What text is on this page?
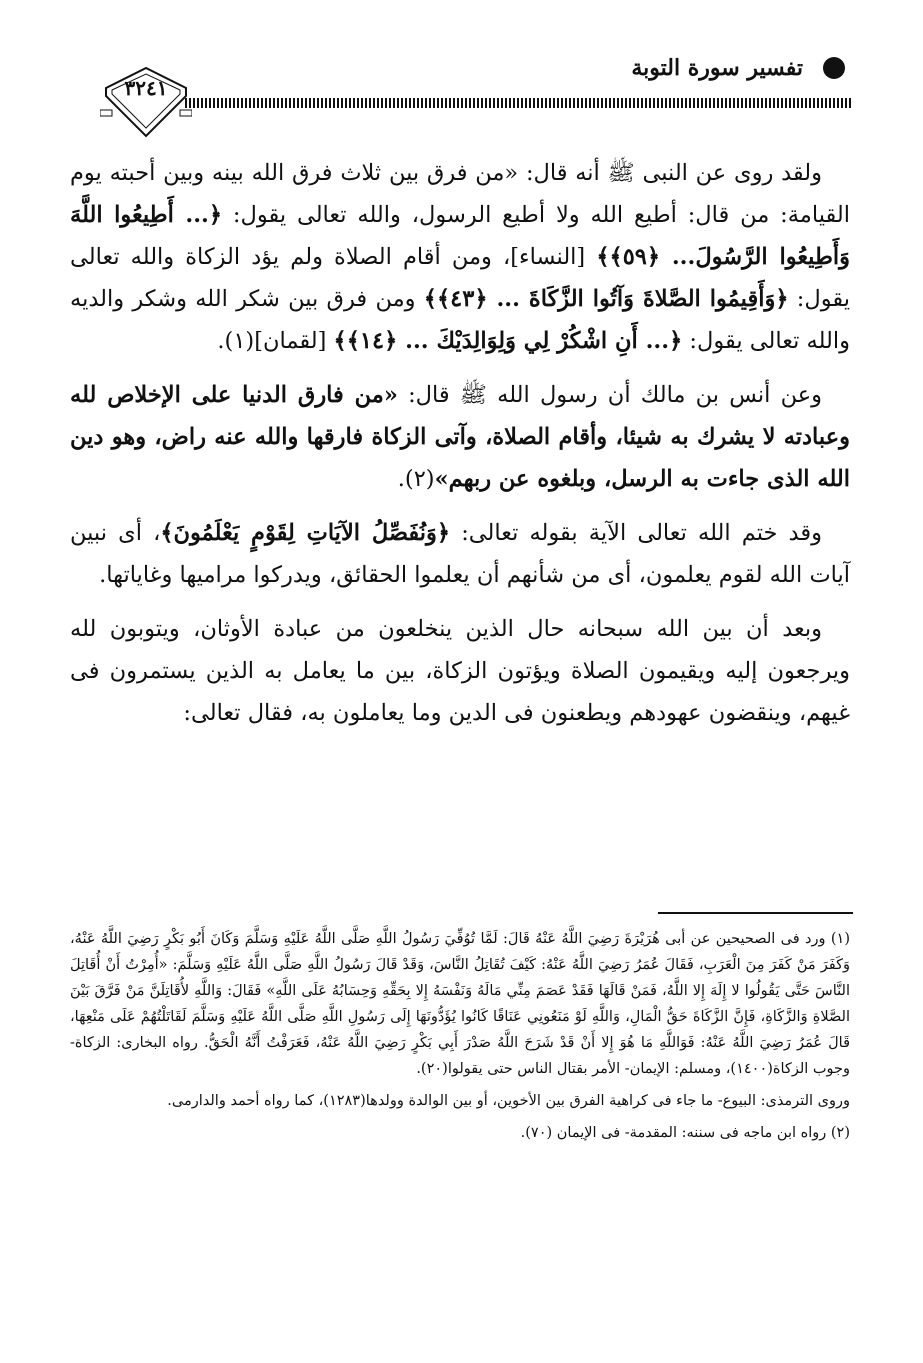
تفسير سورة التوبة
٣٢٤١

ولقد روى عن النبى ﷺ أنه قال: «من فرق بين ثلاث فرق الله بينه وبين أحبته يوم القيامة: من قال: أطيع الله ولا أطيع الرسول، والله تعالى يقول: ﴿... أَطِيعُوا اللَّهَ وَأَطِيعُوا الرَّسُولَ... ﴿٥٩﴾﴾ [النساء]، ومن أقام الصلاة ولم يؤد الزكاة والله تعالى يقول: ﴿وَأَقِيمُوا الصَّلاةَ وَآتُوا الزَّكَاةَ ... ﴿٤٣﴾﴾ ومن فرق بين شكر الله وشكر والديه والله تعالى يقول: ﴿... أَنِ اشْكُرْ لِي وَلِوَالِدَيْكَ ... ﴿١٤﴾﴾ [لقمان](١).

وعن أنس بن مالك أن رسول الله ﷺ قال: «من فارق الدنيا على الإخلاص لله وعبادته لا يشرك به شيئا، وأقام الصلاة، وآتى الزكاة فارقها والله عنه راض، وهو دين الله الذى جاءت به الرسل، وبلغوه عن ربهم»(٢).

وقد ختم الله تعالى الآية بقوله تعالى: ﴿وَنُفَصِّلُ الآيَاتِ لِقَوْمٍ يَعْلَمُونَ﴾، أى نبين آيات الله لقوم يعلمون، أى من شأنهم أن يعلموا الحقائق، ويدركوا مراميها وغاياتها.

وبعد أن بين الله سبحانه حال الذين ينخلعون من عبادة الأوثان، ويتوبون لله ويرجعون إليه ويقيمون الصلاة ويؤتون الزكاة، بين ما يعامل به الذين يستمرون فى غيهم، وينقضون عهودهم ويطعنون فى الدين وما يعاملون به، فقال تعالى:

(١) ورد فى الصحيحين عن أبى هُرَيْرَةَ رَضِيَ اللَّهُ عَنْهُ قَالَ: لَمَّا تُوُفِّيَ رَسُولُ اللَّهِ صَلَّى اللَّهُ عَلَيْهِ وَسَلَّمَ وَكَانَ أَبُو بَكْرٍ رَضِيَ اللَّهُ عَنْهُ، وَكَفَرَ مَنْ كَفَرَ مِنَ الْعَرَبِ، فَقَالَ عُمَرُ رَضِيَ اللَّهُ عَنْهُ: كَيْفَ تُقَاتِلُ النَّاسَ، وَقَدْ قَالَ رَسُولُ اللَّهِ صَلَّى اللَّهُ عَلَيْهِ وَسَلَّمَ: «أُمِرْتُ أَنْ أُقَاتِلَ النَّاسَ حَتَّى يَقُولُوا لا إِلَهَ إِلا اللَّهُ، فَمَنْ قَالَهَا فَقَدْ عَصَمَ مِنِّي مَالَهُ وَنَفْسَهُ إِلا بِحَقِّهِ وَحِسَابُهُ عَلَى اللَّهِ» فَقَالَ: وَاللَّهِ لأُقَاتِلَنَّ مَنْ فَرَّقَ بَيْنَ الصَّلاةِ وَالزَّكَاةِ، فَإِنَّ الزَّكَاةَ حَقُّ الْمَالِ، وَاللَّهِ لَوْ مَنَعُونِي عَنَاقًا كَانُوا يُؤَدُّونَهَا إِلَى رَسُولِ اللَّهِ صَلَّى اللَّهُ عَلَيْهِ وَسَلَّمَ لَقَاتَلْتُهُمْ عَلَى مَنْعِهَا، قَالَ عُمَرُ رَضِيَ اللَّهُ عَنْهُ: فَوَاللَّهِ مَا هُوَ إِلا أَنْ قَدْ شَرَحَ اللَّهُ صَدْرَ أَبِي بَكْرٍ رَضِيَ اللَّهُ عَنْهُ، فَعَرَفْتُ أَنَّهُ الْحَقُّ. رواه البخارى: الزكاة- وجوب الزكاة(١٤٠٠)، ومسلم: الإيمان- الأمر بقتال الناس حتى يقولوا(٢٠).

وروى الترمذى: البيوع- ما جاء فى كراهية الفرق بين الأخوين، أو بين الوالدة وولدها(١٢٨٣)، كما رواه أحمد والدارمى.

(٢) رواه ابن ماجه فى سننه: المقدمة- فى الإيمان (٧٠).
